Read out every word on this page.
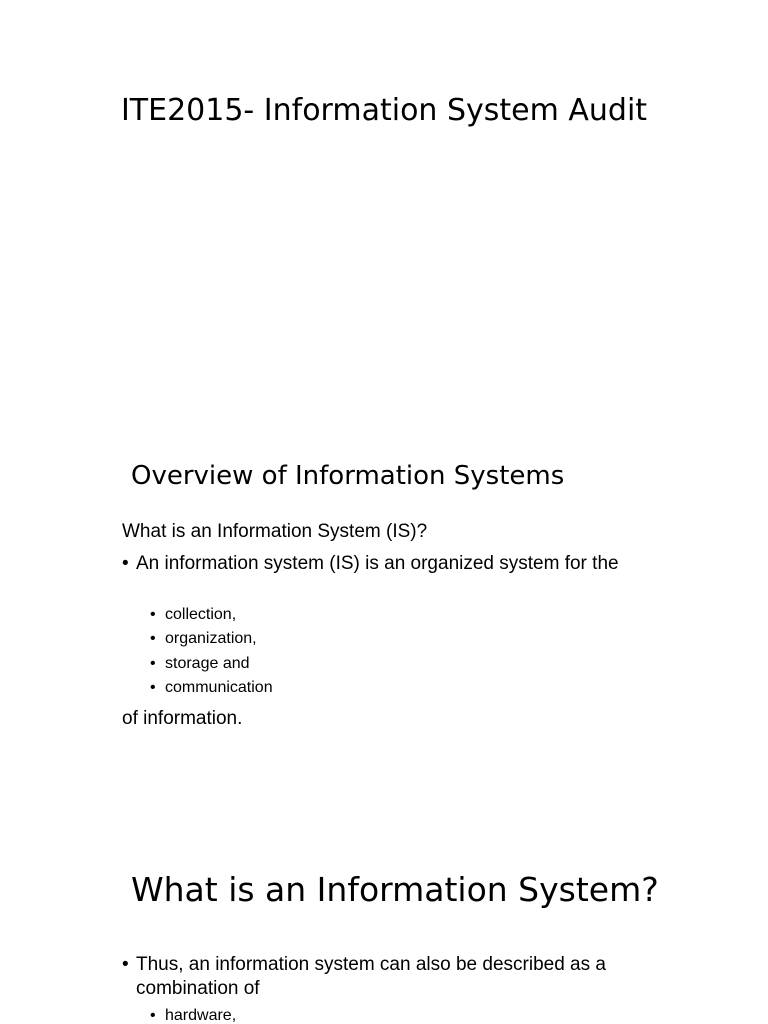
ITE2015- Information System Audit
Overview of Information Systems
What is an Information System (IS)?
• An information system (IS) is an organized system for the
• collection,
• organization,
• storage and
• communication
of information.
What is an Information System?
• Thus, an information system can also be described as a combination of
• hardware,
